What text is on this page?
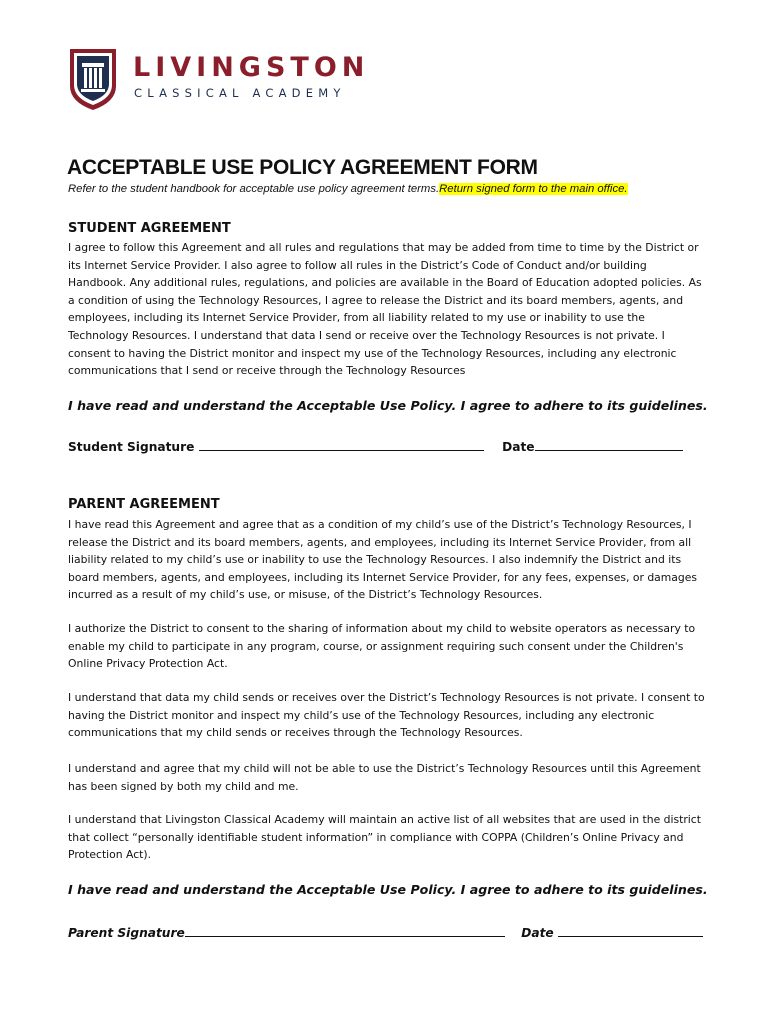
LIVINGSTON
CLASSICAL ACADEMY
ACCEPTABLE USE POLICY AGREEMENT FORM
Refer to the student handbook for acceptable use policy agreement terms.Return signed form to the main office.
STUDENT AGREEMENT
I agree to follow this Agreement and all rules and regulations that may be added from time to time by the District or its Internet Service Provider. I also agree to follow all rules in the District’s Code of Conduct and/or building Handbook. Any additional rules, regulations, and policies are available in the Board of Education adopted policies. As a condition of using the Technology Resources, I agree to release the District and its board members, agents, and employees, including its Internet Service Provider, from all liability related to my use or inability to use the Technology Resources. I understand that data I send or receive over the Technology Resources is not private. I consent to having the District monitor and inspect my use of the Technology Resources, including any electronic communications that I send or receive through the Technology Resources
I have read and understand the Acceptable Use Policy. I agree to adhere to its guidelines.
Student Signature	Date
PARENT AGREEMENT
I have read this Agreement and agree that as a condition of my child’s use of the District’s Technology Resources, I release the District and its board members, agents, and employees, including its Internet Service Provider, from all liability related to my child’s use or inability to use the Technology Resources. I also indemnify the District and its board members, agents, and employees, including its Internet Service Provider, for any fees, expenses, or damages incurred as a result of my child’s use, or misuse, of the District’s Technology Resources.
I authorize the District to consent to the sharing of information about my child to website operators as necessary to enable my child to participate in any program, course, or assignment requiring such consent under the Children's Online Privacy Protection Act.
I understand that data my child sends or receives over the District’s Technology Resources is not private. I consent to having the District monitor and inspect my child’s use of the Technology Resources, including any electronic communications that my child sends or receives through the Technology Resources.
I understand and agree that my child will not be able to use the District’s Technology Resources until this Agreement has been signed by both my child and me.
I understand that Livingston Classical Academy will maintain an active list of all websites that are used in the district that collect “personally identifiable student information” in compliance with COPPA (Children’s Online Privacy and Protection Act).
I have read and understand the Acceptable Use Policy. I agree to adhere to its guidelines.
Parent Signature	Date
